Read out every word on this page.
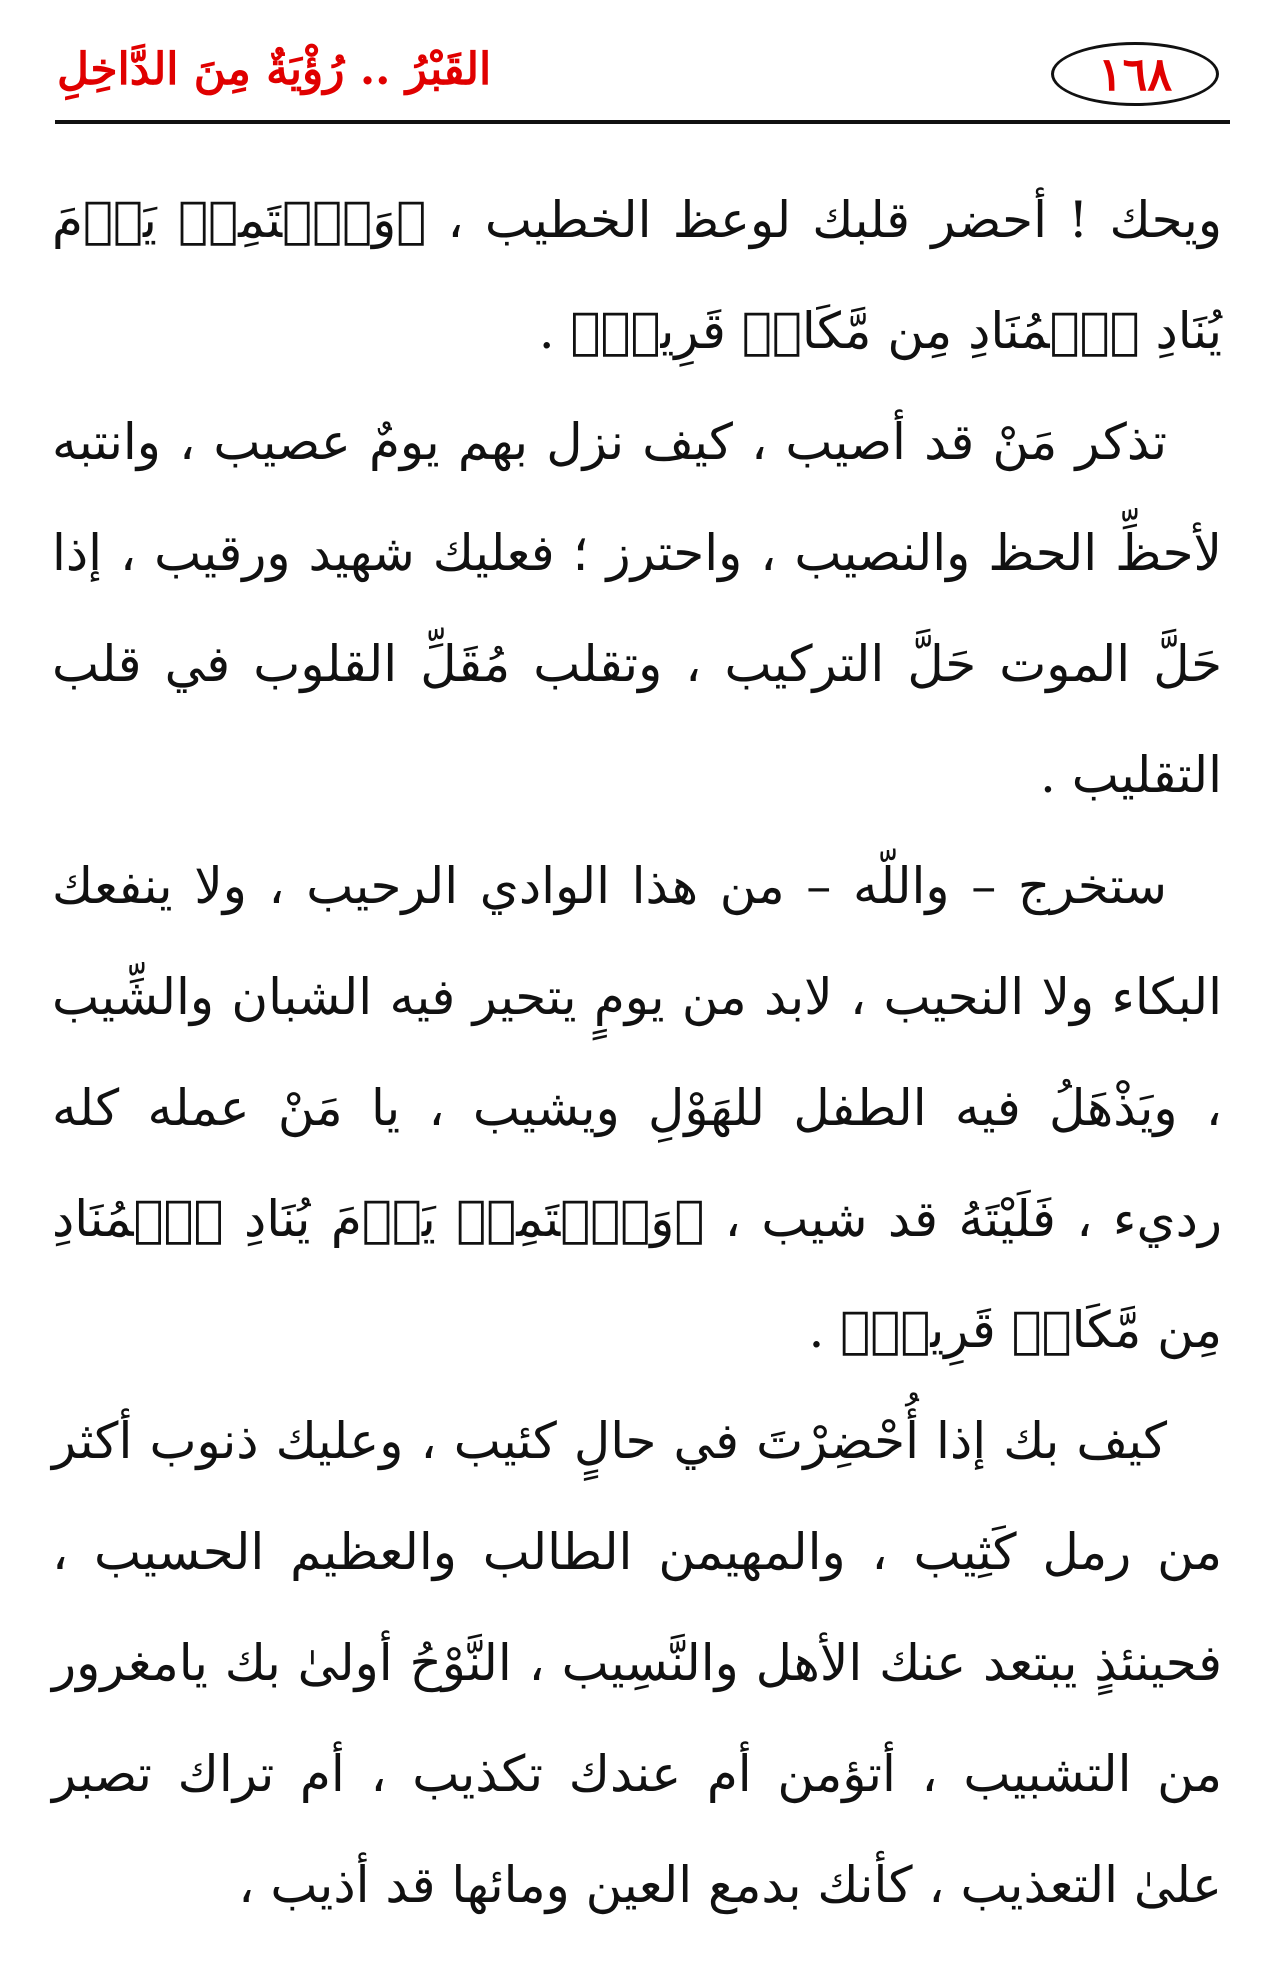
القَبْرُ .. رُؤْيَةٌ مِنَ الدَّاخِلِ	١٦٨

ويحك ! أحضر قلبك لوعظ الخطيب ، ﴿وَٱسۡتَمِعۡ يَوۡمَ يُنَادِ ٱلۡمُنَادِ مِن مَّكَانٖ قَرِيبٖ﴾ .

تذكر مَنْ قد أصيب ، كيف نزل بهم يومٌ عصيب ، وانتبه لأحظِّ الحظ والنصيب ، واحترز ؛ فعليك شهيد ورقيب ، إذا حَلَّ الموت حَلَّ التركيب ، وتقلب مُقَلِّ القلوب في قلب التقليب .

ستخرج – واللّه – من هذا الوادي الرحيب ، ولا ينفعك البكاء ولا النحيب ، لابد من يومٍ يتحير فيه الشبان والشِّيب ، ويَذْهَلُ فيه الطفل للهَوْلِ ويشيب ، يا مَنْ عمله كله رديء ، فَلَيْتَهُ قد شيب ، ﴿وَٱسۡتَمِعۡ يَوۡمَ يُنَادِ ٱلۡمُنَادِ مِن مَّكَانٖ قَرِيبٖ﴾ .

كيف بك إذا أُحْضِرْتَ في حالٍ كئيب ، وعليك ذنوب أكثر من رمل كَثِيب ، والمهيمن الطالب والعظيم الحسيب ، فحينئذٍ يبتعد عنك الأهل والنَّسِيب ، النَّوْحُ أولىٰ بك يامغرور من التشبيب ، أتؤمن أم عندك تكذيب ، أم تراك تصبر علىٰ التعذيب ، كأنك بدمع العين ومائها قد أذيب ،
